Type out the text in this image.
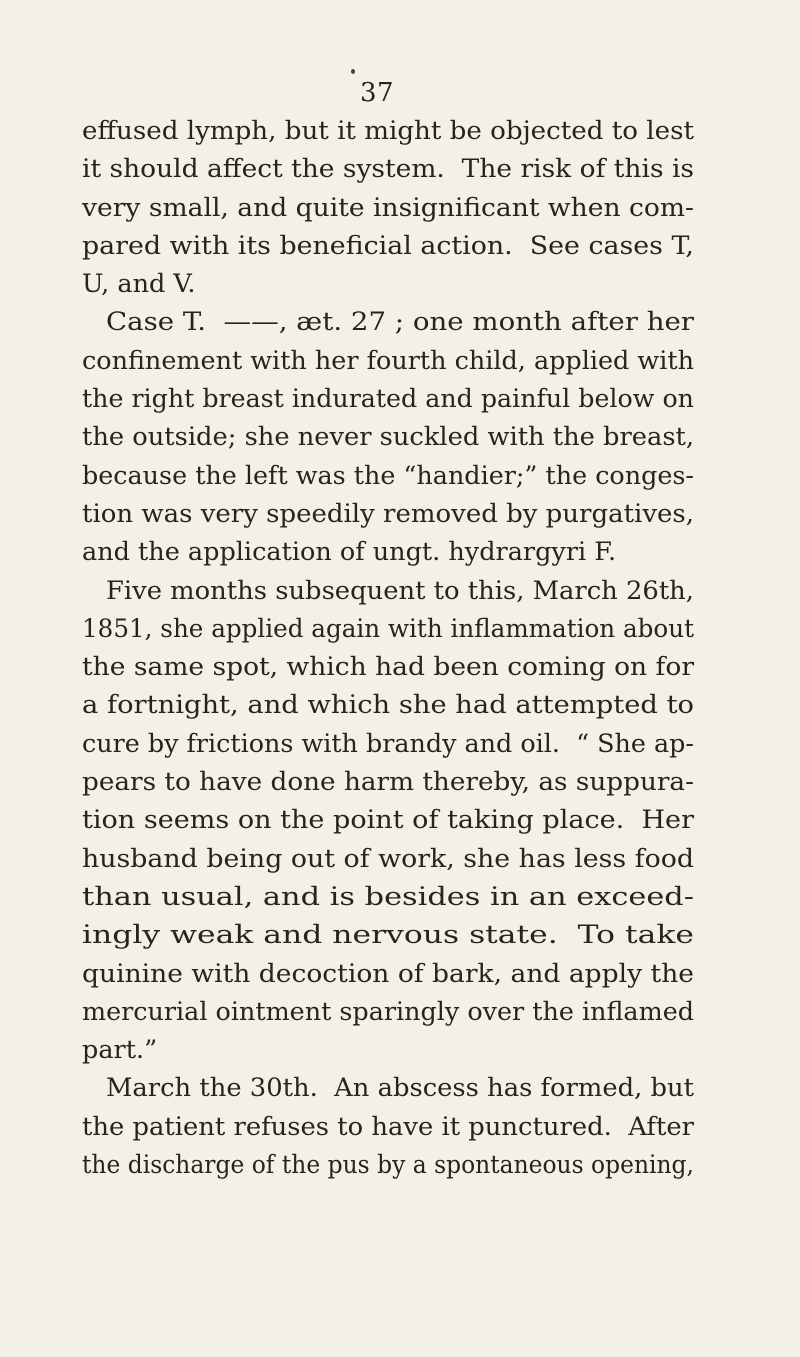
37
effused lymph, but it might be objected to lest
it should affect the system.  The risk of this is
very small, and quite insignificant when com-
pared with its beneficial action.  See cases T,
U, and V.
Case T.  ——, æt. 27 ; one month after her
confinement with her fourth child, applied with
the right breast indurated and painful below on
the outside; she never suckled with the breast,
because the left was the “handier;” the conges-
tion was very speedily removed by purgatives,
and the application of ungt. hydrargyri F.
Five months subsequent to this, March 26th,
1851, she applied again with inflammation about
the same spot, which had been coming on for
a fortnight, and which she had attempted to
cure by frictions with brandy and oil.  “ She ap-
pears to have done harm thereby, as suppura-
tion seems on the point of taking place.  Her
husband being out of work, she has less food
than usual, and is besides in an exceed-
ingly weak and nervous state.  To take
quinine with decoction of bark, and apply the
mercurial ointment sparingly over the inflamed
part.”
March the 30th.  An abscess has formed, but
the patient refuses to have it punctured.  After
the discharge of the pus by a spontaneous opening,
